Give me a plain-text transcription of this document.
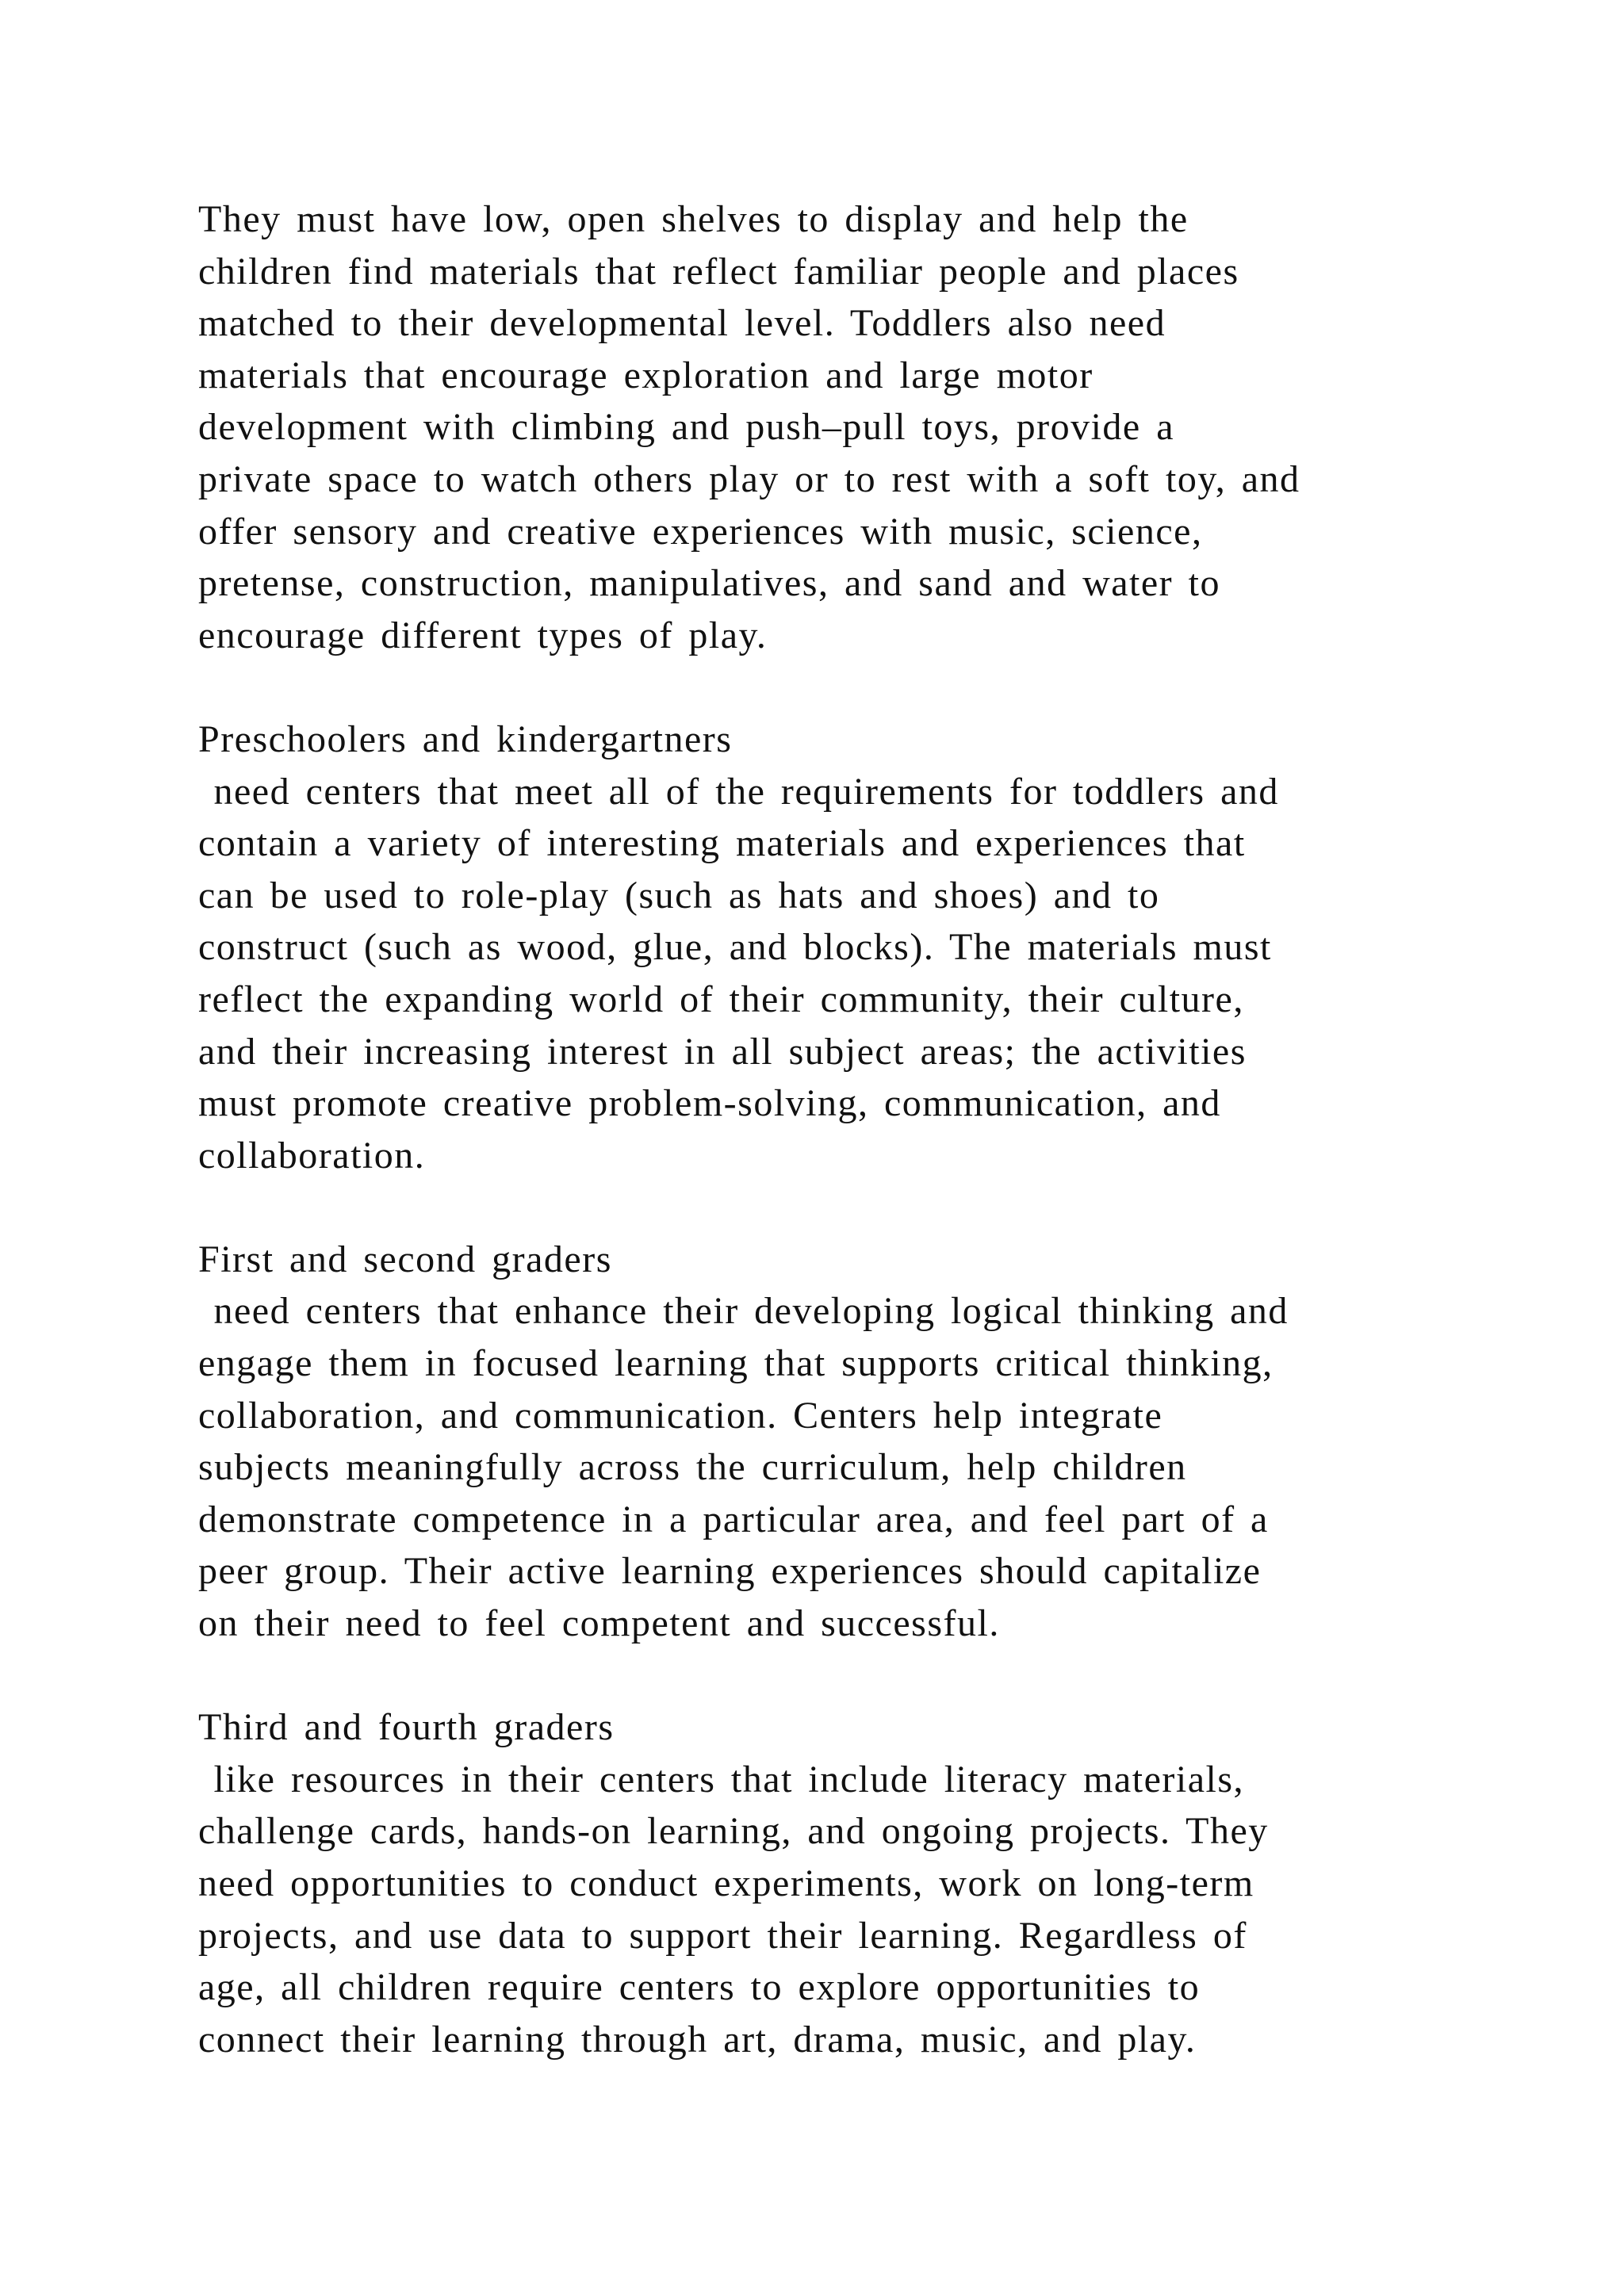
They must have low, open shelves to display and help the
children find materials that reflect familiar people and places
matched to their developmental level. Toddlers also need
materials that encourage exploration and large motor
development with climbing and push–pull toys, provide a
private space to watch others play or to rest with a soft toy, and
offer sensory and creative experiences with music, science,
pretense, construction, manipulatives, and sand and water to
encourage different types of play.
Preschoolers and kindergartners
need centers that meet all of the requirements for toddlers and
contain a variety of interesting materials and experiences that
can be used to role-play (such as hats and shoes) and to
construct (such as wood, glue, and blocks). The materials must
reflect the expanding world of their community, their culture,
and their increasing interest in all subject areas; the activities
must promote creative problem-solving, communication, and
collaboration.
First and second graders
need centers that enhance their developing logical thinking and
engage them in focused learning that supports critical thinking,
collaboration, and communication. Centers help integrate
subjects meaningfully across the curriculum, help children
demonstrate competence in a particular area, and feel part of a
peer group. Their active learning experiences should capitalize
on their need to feel competent and successful.
Third and fourth graders
like resources in their centers that include literacy materials,
challenge cards, hands-on learning, and ongoing projects. They
need opportunities to conduct experiments, work on long-term
projects, and use data to support their learning. Regardless of
age, all children require centers to explore opportunities to
connect their learning through art, drama, music, and play.
